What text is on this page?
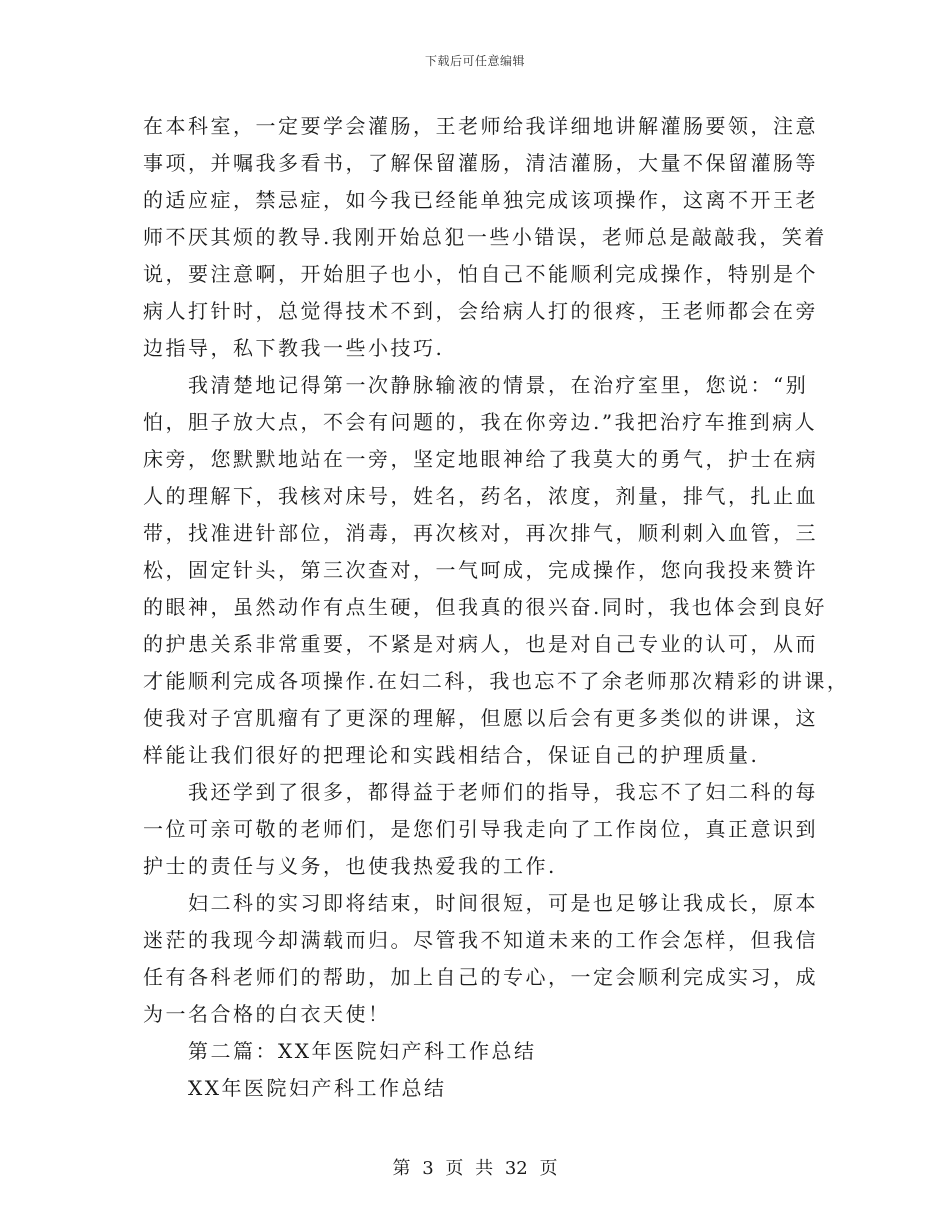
下载后可任意编辑
在本科室，一定要学会灌肠，王老师给我详细地讲解灌肠要领，注意
事项，并嘱我多看书，了解保留灌肠，清洁灌肠，大量不保留灌肠等
的适应症，禁忌症，如今我已经能单独完成该项操作，这离不开王老
师不厌其烦的教导.我刚开始总犯一些小错误，老师总是敲敲我，笑着
说，要注意啊，开始胆子也小，怕自己不能顺利完成操作，特别是个
病人打针时，总觉得技术不到，会给病人打的很疼，王老师都会在旁
边指导，私下教我一些小技巧.
我清楚地记得第一次静脉输液的情景，在治疗室里，您说：“别
怕，胆子放大点，不会有问题的，我在你旁边.”我把治疗车推到病人
床旁，您默默地站在一旁，坚定地眼神给了我莫大的勇气，护士在病
人的理解下，我核对床号，姓名，药名，浓度，剂量，排气，扎止血
带，找准进针部位，消毒，再次核对，再次排气，顺利刺入血管，三
松，固定针头，第三次查对，一气呵成，完成操作，您向我投来赞许
的眼神，虽然动作有点生硬，但我真的很兴奋.同时，我也体会到良好
的护患关系非常重要，不紧是对病人，也是对自己专业的认可，从而
才能顺利完成各项操作.在妇二科，我也忘不了余老师那次精彩的讲课，
使我对子宫肌瘤有了更深的理解，但愿以后会有更多类似的讲课，这
样能让我们很好的把理论和实践相结合，保证自己的护理质量.
我还学到了很多，都得益于老师们的指导，我忘不了妇二科的每
一位可亲可敬的老师们，是您们引导我走向了工作岗位，真正意识到
护士的责任与义务，也使我热爱我的工作.
妇二科的实习即将结束，时间很短，可是也足够让我成长，原本
迷茫的我现今却满载而归。尽管我不知道未来的工作会怎样，但我信
任有各科老师们的帮助，加上自己的专心，一定会顺利完成实习，成
为一名合格的白衣天使！
第二篇：XX年医院妇产科工作总结
XX年医院妇产科工作总结
第 3 页 共 32 页
